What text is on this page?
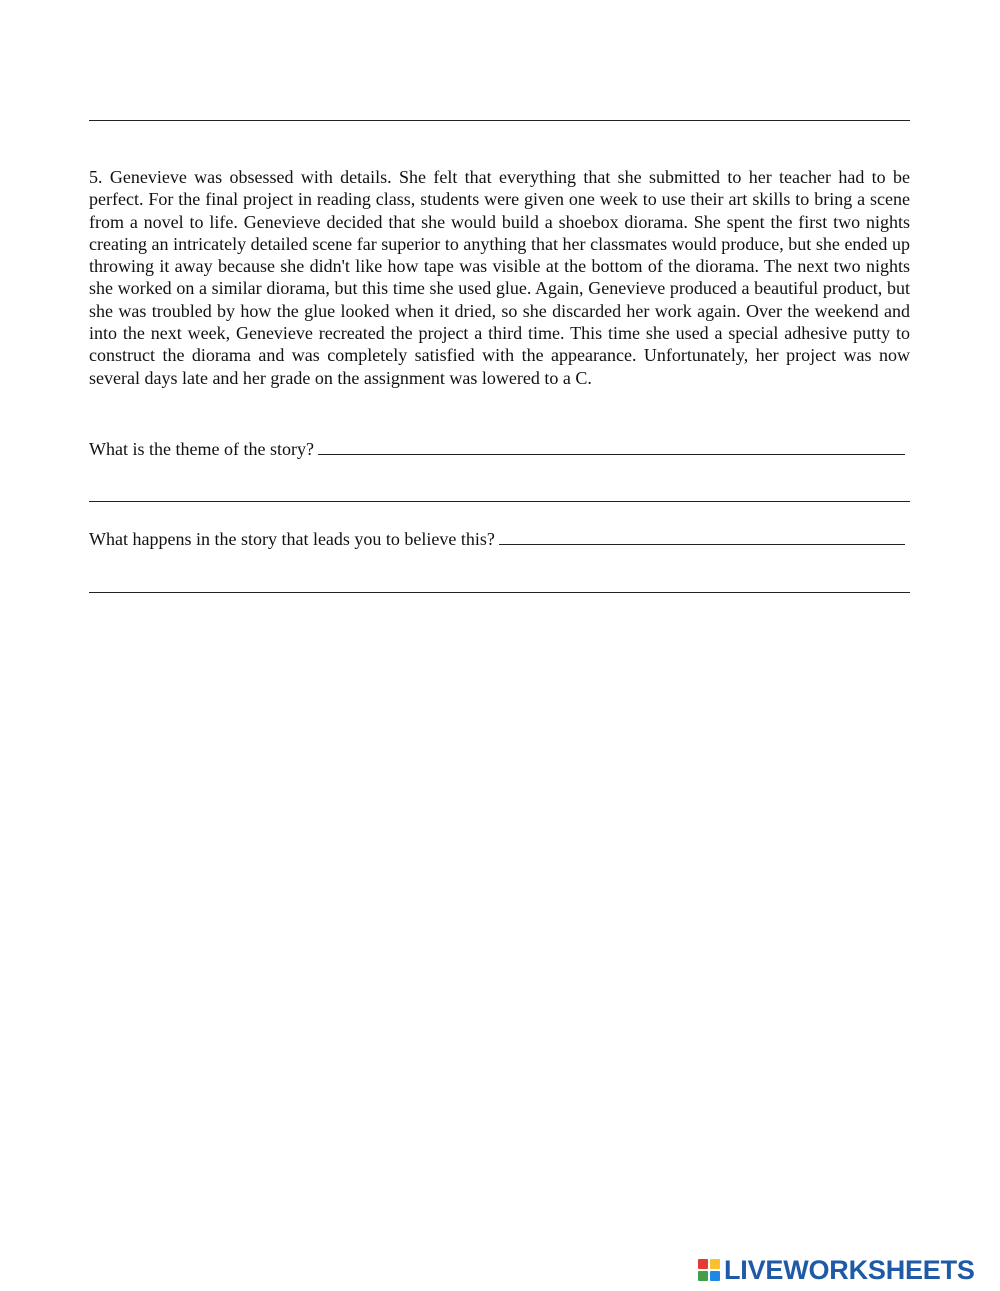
5. Genevieve was obsessed with details. She felt that everything that she submitted to her teacher had to be perfect. For the final project in reading class, students were given one week to use their art skills to bring a scene from a novel to life. Genevieve decided that she would build a shoebox diorama. She spent the first two nights creating an intricately detailed scene far superior to anything that her classmates would produce, but she ended up throwing it away because she didn't like how tape was visible at the bottom of the diorama. The next two nights she worked on a similar diorama, but this time she used glue. Again, Genevieve produced a beautiful product, but she was troubled by how the glue looked when it dried, so she discarded her work again. Over the weekend and into the next week, Genevieve recreated the project a third time. This time she used a special adhesive putty to construct the diorama and was completely satisfied with the appearance. Unfortunately, her project was now several days late and her grade on the assignment was lowered to a C.

What is the theme of the story?
What happens in the story that leads you to believe this?
LIVEWORKSHEETS
